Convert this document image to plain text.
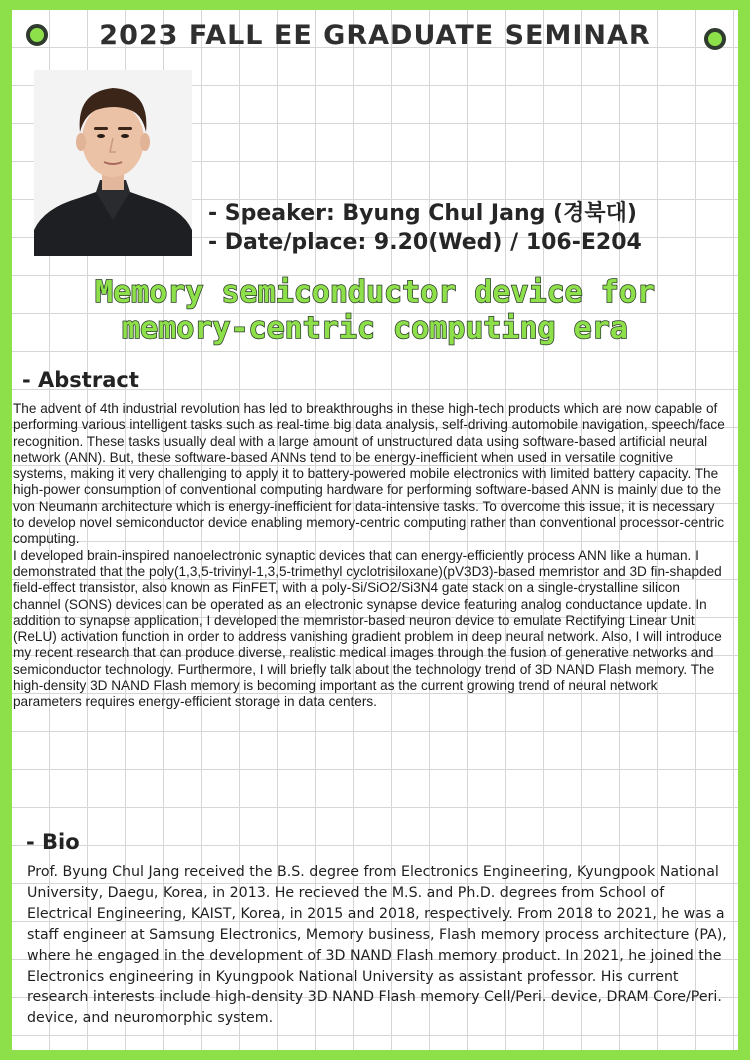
2023 FALL EE GRADUATE SEMINAR
- Speaker: Byung Chul Jang (경북대)
- Date/place: 9.20(Wed) / 106-E204
Memory semiconductor device for
memory-centric computing era
- Abstract

The advent of 4th industrial revolution has led to breakthroughs in these high-tech products which are now capable of performing various intelligent tasks such as real-time big data analysis, self-driving automobile navigation, speech/face recognition. These tasks usually deal with a large amount of unstructured data using software-based artificial neural network (ANN). But, these software-based ANNs tend to be energy-inefficient when used in versatile cognitive systems, making it very challenging to apply it to battery-powered mobile electronics with limited battery capacity. The high-power consumption of conventional computing hardware for performing software-based ANN is mainly due to the von Neumann architecture which is energy-inefficient for data-intensive tasks. To overcome this issue, it is necessary to develop novel semiconductor device enabling memory-centric computing rather than conventional processor-centric computing.

I developed brain-inspired nanoelectronic synaptic devices that can energy-efficiently process ANN like a human. I demonstrated that the poly(1,3,5-trivinyl-1,3,5-trimethyl cyclotrisiloxane)(pV3D3)-based memristor and 3D fin-shapded field-effect transistor, also known as FinFET, with a poly-Si/SiO2/Si3N4 gate stack on a single-crystalline silicon channel (SONS) devices can be operated as an electronic synapse device featuring analog conductance update. In addition to synapse application, I developed the memristor-based neuron device to emulate Rectifying Linear Unit (ReLU) activation function in order to address vanishing gradient problem in deep neural network. Also, I will introduce my recent research that can produce diverse, realistic medical images through the fusion of generative networks and semiconductor technology. Furthermore, I will briefly talk about the technology trend of 3D NAND Flash memory. The high-density 3D NAND Flash memory is becoming important as the current growing trend of neural network parameters requires energy-efficient storage in data centers.

- Bio
Prof. Byung Chul Jang received the B.S. degree from Electronics Engineering, Kyungpook National University, Daegu, Korea, in 2013. He recieved the M.S. and Ph.D. degrees from School of Electrical Engineering, KAIST, Korea, in 2015 and 2018, respectively. From 2018 to 2021, he was a staff engineer at Samsung Electronics, Memory business, Flash memory process architecture (PA), where he engaged in the development of 3D NAND Flash memory product. In 2021, he joined the Electronics engineering in Kyungpook National University as assistant professor. His current research interests include high-density 3D NAND Flash memory Cell/Peri. device, DRAM Core/Peri. device, and neuromorphic system.
